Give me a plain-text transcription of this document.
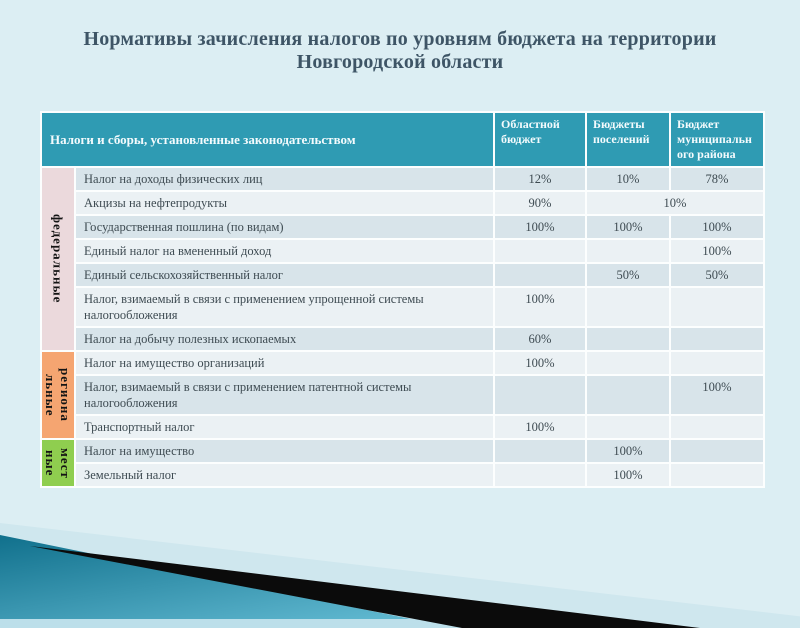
Нормативы зачисления налогов по уровням бюджета на территории Новгородской области
Налоги и сборы, установленные законодательством		Областной бюджет	Бюджеты поселений	Бюджет муниципального района

федеральные	Налог на доходы физических лиц	12%	10%	78%
	Акцизы на нефтепродукты	90%	10%	
	Государственная пошлина (по видам)	100%	100%	100%
	Единый налог на вмененный доход			100%
	Единый сельскохозяйственный налог		50%	50%
	Налог, взимаемый в связи с применением упрощенной системы налогообложения	100%		
	Налог на добычу полезных ископаемых	60%		

региона льные	Налог на имущество организаций	100%		
	Налог, взимаемый в связи с применением патентной системы налогообложения			100%
	Транспортный налог	100%		

мест ные	Налог на имущество		100%	
	Земельный налог		100%	
